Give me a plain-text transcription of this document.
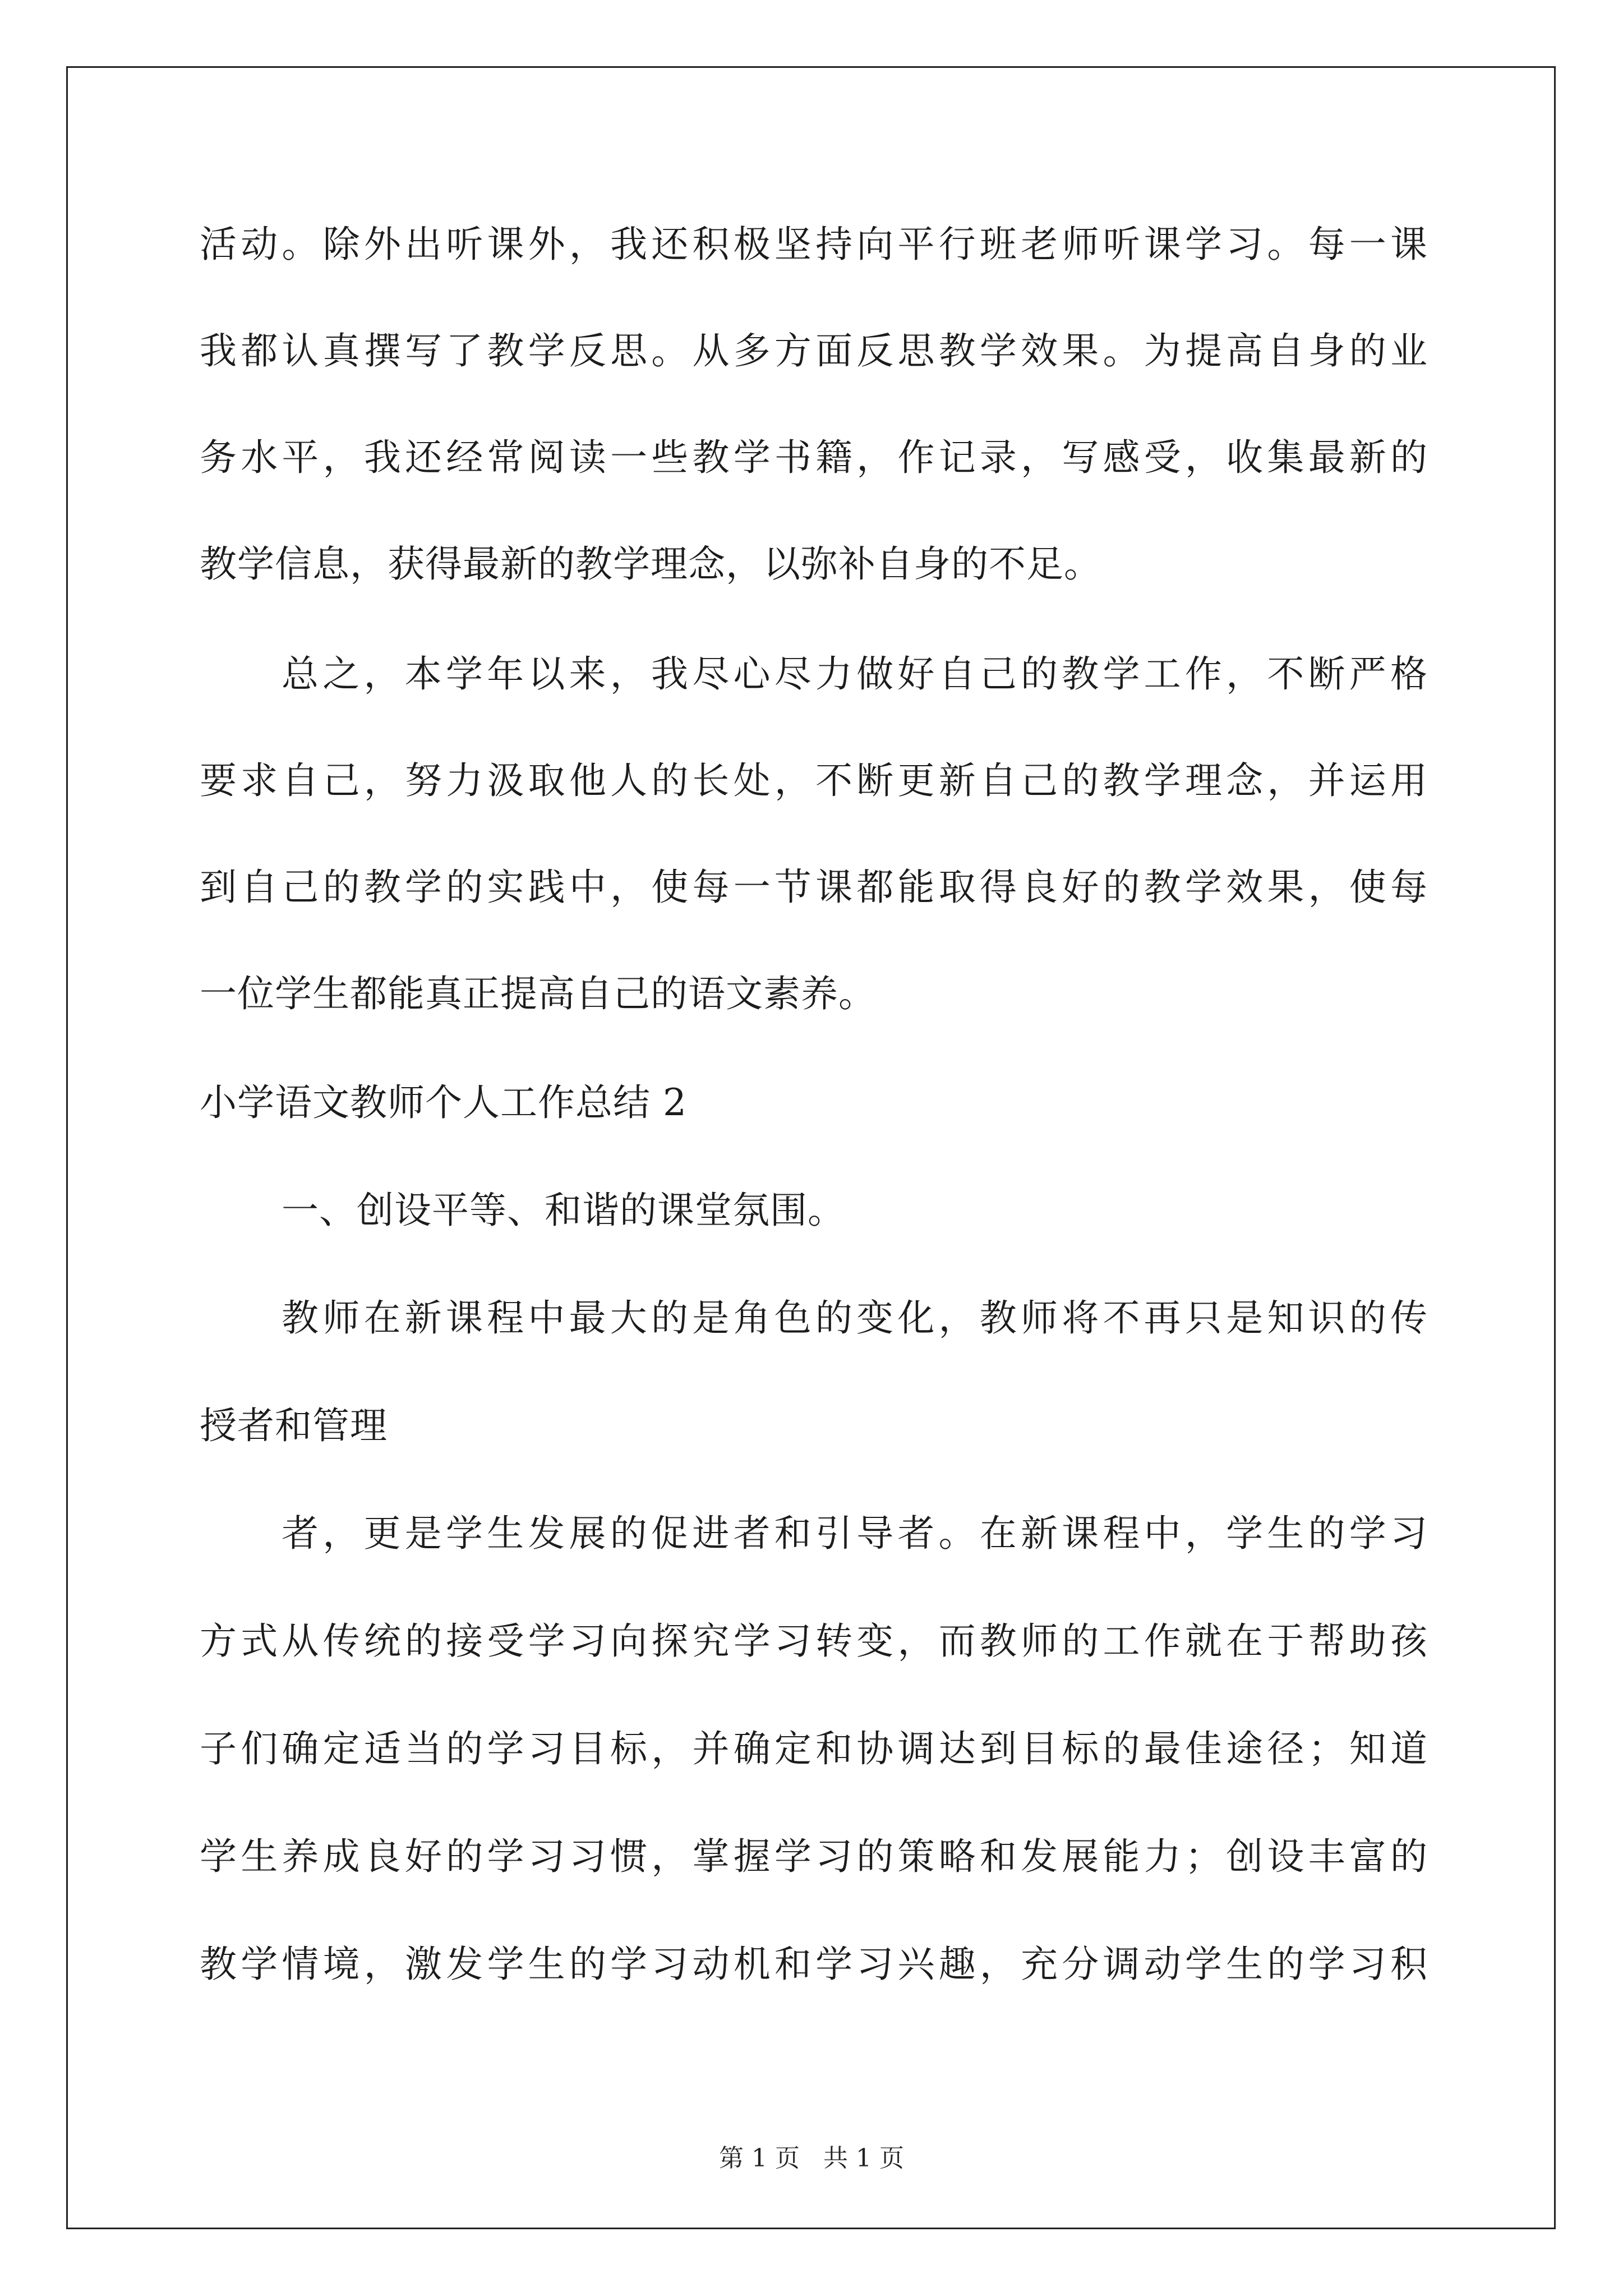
活动。除外出听课外，我还积极坚持向平行班老师听课学习。每一课
我都认真撰写了教学反思。从多方面反思教学效果。为提高自身的业
务水平，我还经常阅读一些教学书籍，作记录，写感受，收集最新的
教学信息，获得最新的教学理念，以弥补自身的不足。
总之，本学年以来，我尽心尽力做好自己的教学工作，不断严格
要求自己，努力汲取他人的长处，不断更新自己的教学理念，并运用
到自己的教学的实践中，使每一节课都能取得良好的教学效果，使每
一位学生都能真正提高自己的语文素养。
小学语文教师个人工作总结 2
一、创设平等、和谐的课堂氛围。
教师在新课程中最大的是角色的变化，教师将不再只是知识的传
授者和管理
者，更是学生发展的促进者和引导者。在新课程中，学生的学习
方式从传统的接受学习向探究学习转变，而教师的工作就在于帮助孩
子们确定适当的学习目标，并确定和协调达到目标的最佳途径；知道
学生养成良好的学习习惯，掌握学习的策略和发展能力；创设丰富的
教学情境，激发学生的学习动机和学习兴趣，充分调动学生的学习积
第 1 页   共 1 页
